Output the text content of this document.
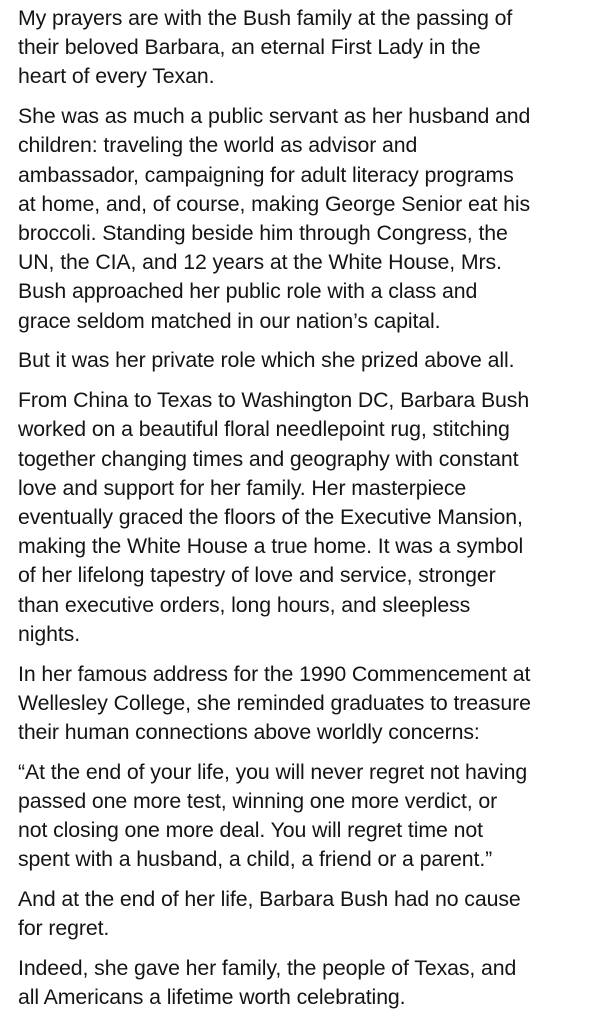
My prayers are with the Bush family at the passing of
their beloved Barbara, an eternal First Lady in the
heart of every Texan.

She was as much a public servant as her husband and
children: traveling the world as advisor and
ambassador, campaigning for adult literacy programs
at home, and, of course, making George Senior eat his
broccoli. Standing beside him through Congress, the
UN, the CIA, and 12 years at the White House, Mrs.
Bush approached her public role with a class and
grace seldom matched in our nation’s capital.

But it was her private role which she prized above all.

From China to Texas to Washington DC, Barbara Bush
worked on a beautiful floral needlepoint rug, stitching
together changing times and geography with constant
love and support for her family. Her masterpiece
eventually graced the floors of the Executive Mansion,
making the White House a true home. It was a symbol
of her lifelong tapestry of love and service, stronger
than executive orders, long hours, and sleepless
nights.

In her famous address for the 1990 Commencement at
Wellesley College, she reminded graduates to treasure
their human connections above worldly concerns:

“At the end of your life, you will never regret not having
passed one more test, winning one more verdict, or
not closing one more deal. You will regret time not
spent with a husband, a child, a friend or a parent.”

And at the end of her life, Barbara Bush had no cause
for regret.

Indeed, she gave her family, the people of Texas, and
all Americans a lifetime worth celebrating.
